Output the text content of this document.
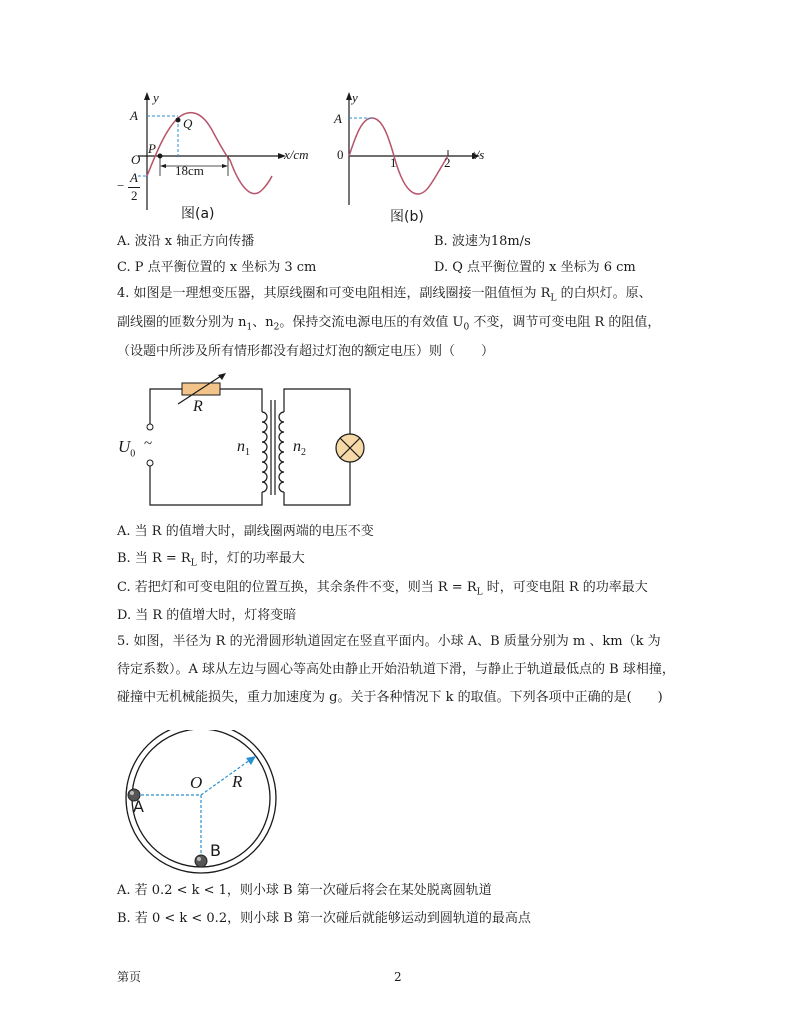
y
A
Q
P
O	x/cm
18cm
−
A
2
图(a)
y
A
0
1	2
t/s
图(b)
A. 波沿 x 轴正方向传播	B. 波速为18m/s
C. P 点平衡位置的 x 坐标为 3 cm	D. Q 点平衡位置的 x 坐标为 6 cm
4. 如图是一理想变压器，其原线圈和可变电阻相连，副线圈接一阻值恒为 $R_L$ 的白炽灯。原、
副线圈的匝数分别为 $n_1$、$n_2$。保持交流电源电压的有效值 $U_0$ 不变，调节可变电阻 R 的阻值，
（设题中所涉及所有情形都没有超过灯泡的额定电压）则（　　）
R
$U_0$
~	$n_1$	$n_2$
A. 当 R 的值增大时，副线圈两端的电压不变
B. 当 $R = R_L$ 时，灯的功率最大
C. 若把灯和可变电阻的位置互换，其余条件不变，则当 $R = R_L$ 时，可变电阻 R 的功率最大
D. 当 R 的值增大时，灯将变暗
5. 如图，半径为 R 的光滑圆形轨道固定在竖直平面内。小球 A、B 质量分别为 m 、km（k 为
待定系数）。A 球从左边与圆心等高处由静止开始沿轨道下滑，与静止于轨道最低点的 B 球相撞，
碰撞中无机械能损失，重力加速度为 g。关于各种情况下 k 的取值。下列各项中正确的是(　　)
O R
A
B
A. 若 0.2 < k < 1，则小球 B 第一次碰后将会在某处脱离圆轨道
B. 若 0 < k < 0.2，则小球 B 第一次碰后就能够运动到圆轨道的最高点
第页	2
